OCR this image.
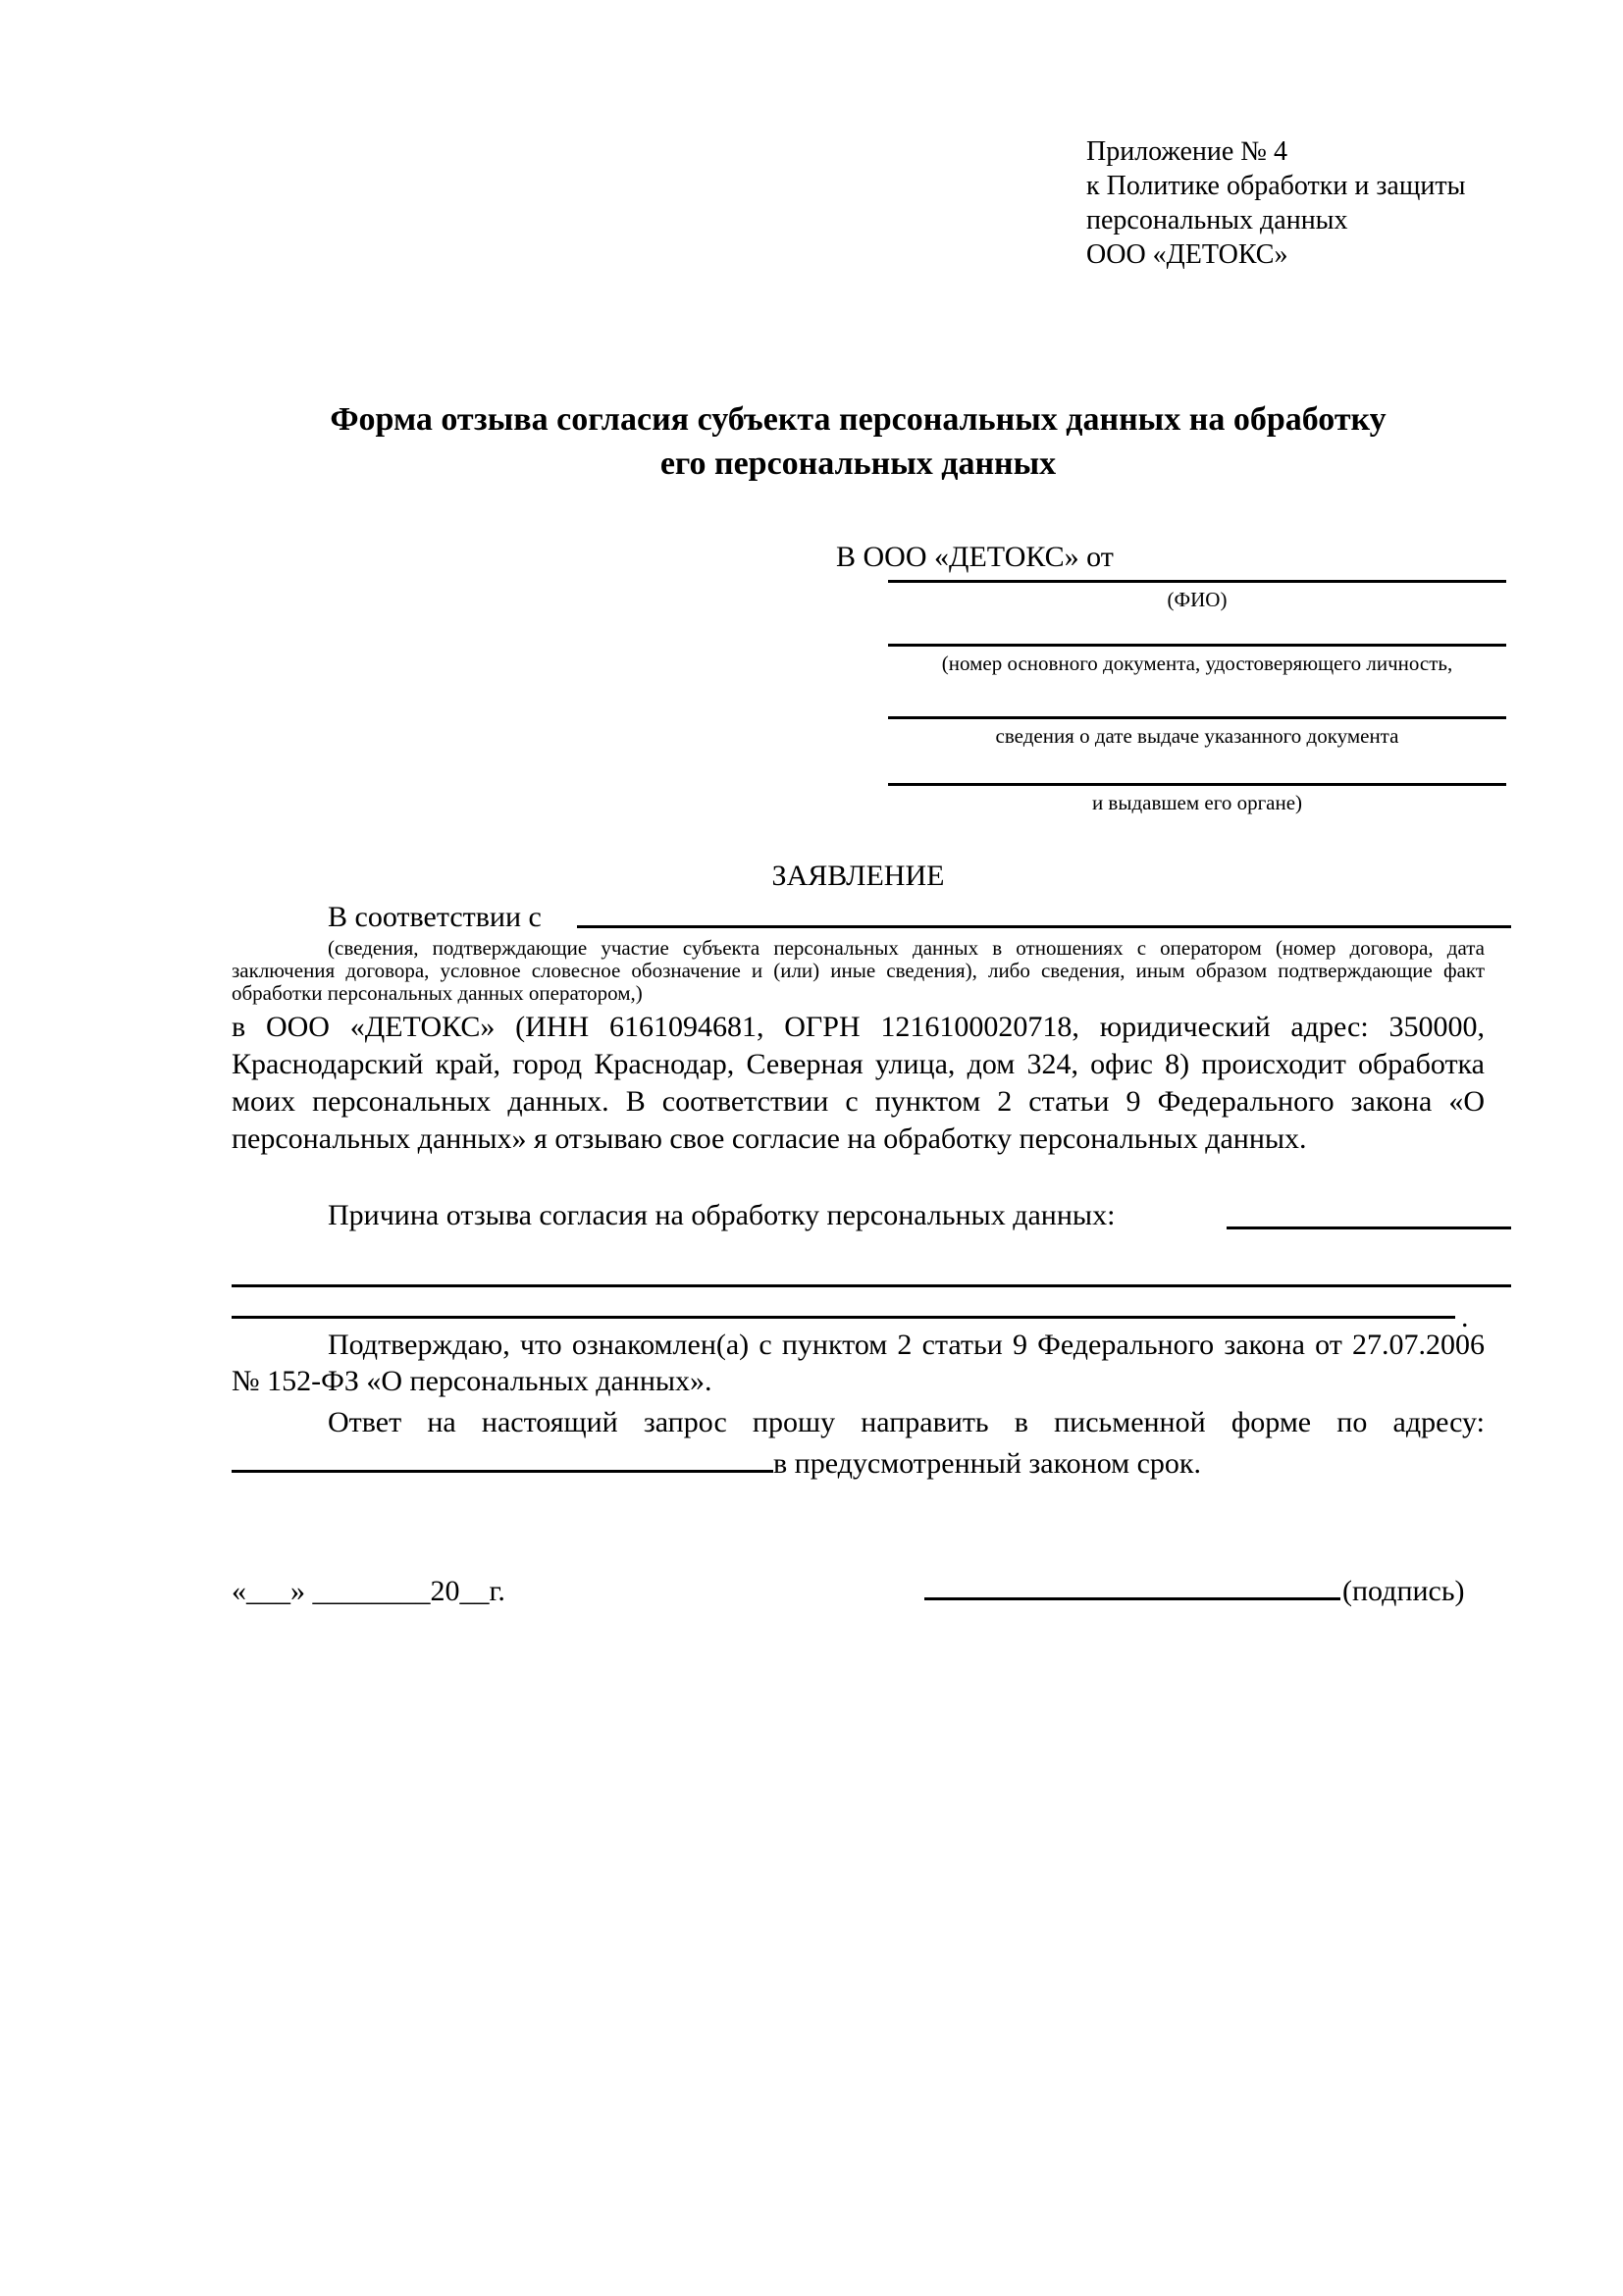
Приложение № 4
к Политике обработки и защиты
персональных данных
ООО «ДЕТОКС»
Форма отзыва согласия субъекта персональных данных на обработку
его персональных данных
В ООО «ДЕТОКС» от
(ФИО)
(номер основного документа, удостоверяющего личность,
сведения о дате выдаче указанного документа
и выдавшем его органе)
ЗАЯВЛЕНИЕ
В соответствии с
(сведения, подтверждающие участие субъекта персональных данных в отношениях с оператором (номер договора, дата заключения договора, условное словесное обозначение и (или) иные сведения), либо сведения, иным образом подтверждающие факт обработки персональных данных оператором,)
в ООО «ДЕТОКС» (ИНН 6161094681, ОГРН 1216100020718, юридический адрес: 350000, Краснодарский край, город Краснодар, Северная улица, дом 324, офис 8) происходит обработка моих персональных данных. В соответствии с пунктом 2 статьи 9 Федерального закона «О персональных данных» я отзываю свое согласие на обработку персональных данных.
Причина отзыва согласия на обработку персональных данных:
.
Подтверждаю, что ознакомлен(а) с пунктом 2 статьи 9 Федерального закона от 27.07.2006 № 152-ФЗ «О персональных данных».
Ответ на настоящий запрос прошу направить в письменной форме по адресу:
в предусмотренный законом срок.
«___» ________20__г.	(подпись)
